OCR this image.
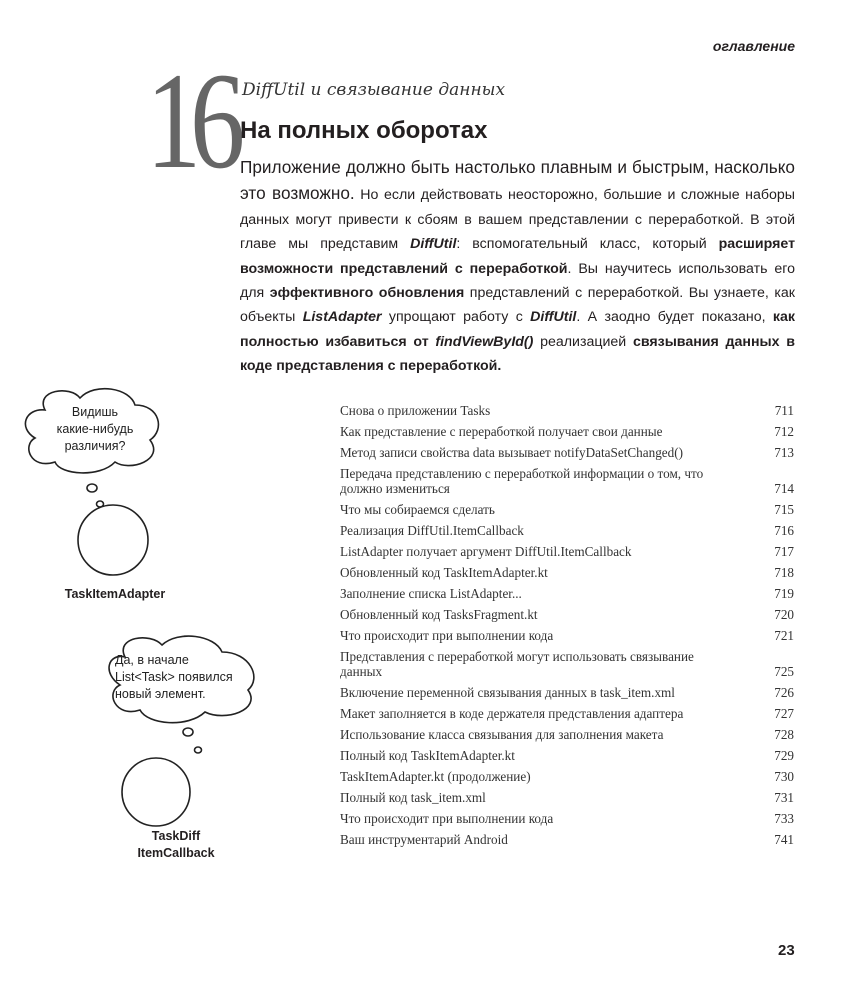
оглавление
16 DiffUtil и связывание данных
На полных оборотах
Приложение должно быть настолько плавным и быстрым, насколько это возможно. Но если действовать неосторожно, большие и сложные наборы данных могут привести к сбоям в вашем представлении с переработкой. В этой главе мы представим DiffUtil: вспомогательный класс, который расширяет возможности представлений с переработкой. Вы научитесь использовать его для эффективного обновления представлений с переработкой. Вы узнаете, как объекты ListAdapter упрощают работу с DiffUtil. А заодно будет показано, как полностью избавиться от findViewById() реализацией связывания данных в коде представления с переработкой.
Видишь
какие-нибудь
различия?
TaskItemAdapter
Да, в начале
List<Task> появился
новый элемент.
TaskDiff
ItemCallback
Снова о приложении Tasks	711
Как представление с переработкой получает свои данные	712
Метод записи свойства data вызывает notifyDataSetChanged()	713
Передача представлению с переработкой информации о том, что должно измениться	714
Что мы собираемся сделать	715
Реализация DiffUtil.ItemCallback	716
ListAdapter получает аргумент DiffUtil.ItemCallback	717
Обновленный код TaskItemAdapter.kt	718
Заполнение списка ListAdapter...	719
Обновленный код TasksFragment.kt	720
Что происходит при выполнении кода	721
Представления с переработкой могут использовать связывание данных	725
Включение переменной связывания данных в task_item.xml	726
Макет заполняется в коде держателя представления адаптера	727
Использование класса связывания для заполнения макета	728
Полный код TaskItemAdapter.kt	729
TaskItemAdapter.kt (продолжение)	730
Полный код task_item.xml	731
Что происходит при выполнении кода	733
Ваш инструментарий Android	741
23
